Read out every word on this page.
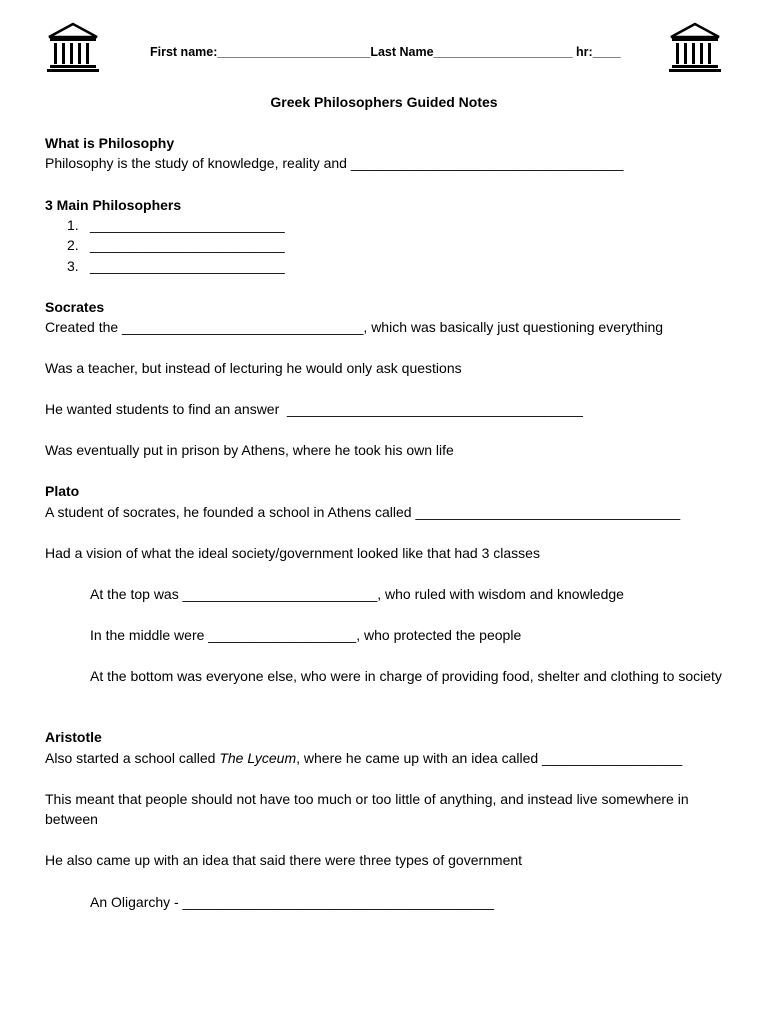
First name:______________________Last Name____________________ hr:____
Greek Philosophers Guided Notes
What is Philosophy
Philosophy is the study of knowledge, reality and ___________________________________
3 Main Philosophers
1. _________________________
2. _________________________
3. _________________________
Socrates
Created the _______________________________, which was basically just questioning everything
Was a teacher, but instead of lecturing he would only ask questions
He wanted students to find an answer  ______________________________________
Was eventually put in prison by Athens, where he took his own life
Plato
A student of socrates, he founded a school in Athens called __________________________________
Had a vision of what the ideal society/government looked like that had 3 classes
At the top was _________________________, who ruled with wisdom and knowledge
In the middle were ___________________, who protected the people
At the bottom was everyone else, who were in charge of providing food, shelter and clothing to society
Aristotle
Also started a school called The Lyceum, where he came up with an idea called __________________
This meant that people should not have too much or too little of anything, and instead live somewhere in between
He also came up with an idea that said there were three types of government
An Oligarchy - ________________________________________
